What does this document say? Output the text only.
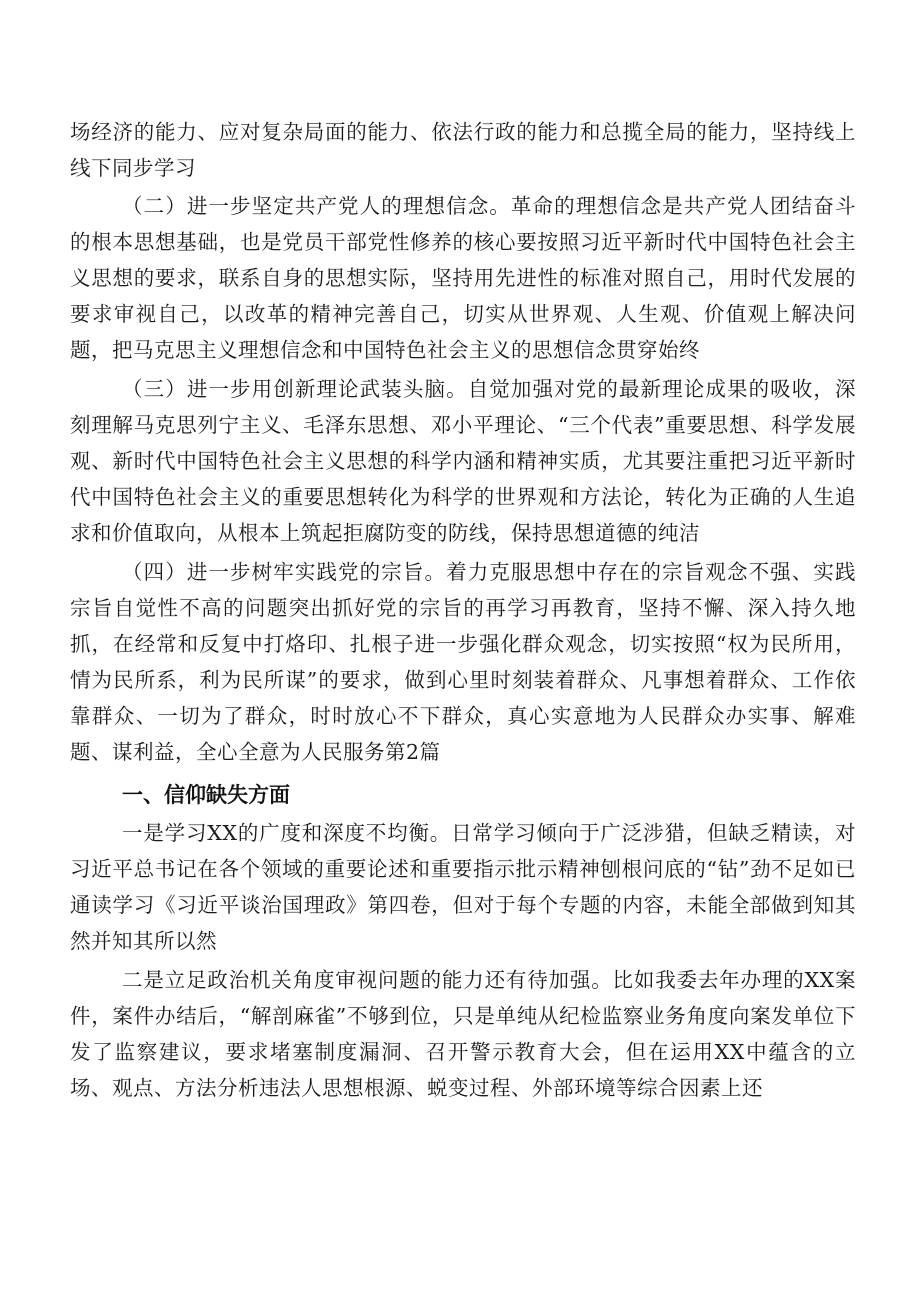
场经济的能力、应对复杂局面的能力、依法行政的能力和总揽全局的能力，坚持线上线下同步学习

（二）进一步坚定共产党人的理想信念。革命的理想信念是共产党人团结奋斗的根本思想基础，也是党员干部党性修养的核心要按照习近平新时代中国特色社会主义思想的要求，联系自身的思想实际，坚持用先进性的标准对照自己，用时代发展的要求审视自己，以改革的精神完善自己，切实从世界观、人生观、价值观上解决问题，把马克思主义理想信念和中国特色社会主义的思想信念贯穿始终

（三）进一步用创新理论武装头脑。自觉加强对党的最新理论成果的吸收，深刻理解马克思列宁主义、毛泽东思想、邓小平理论、“三个代表”重要思想、科学发展观、新时代中国特色社会主义思想的科学内涵和精神实质，尤其要注重把习近平新时代中国特色社会主义的重要思想转化为科学的世界观和方法论，转化为正确的人生追求和价值取向，从根本上筑起拒腐防变的防线，保持思想道德的纯洁

（四）进一步树牢实践党的宗旨。着力克服思想中存在的宗旨观念不强、实践宗旨自觉性不高的问题突出抓好党的宗旨的再学习再教育，坚持不懈、深入持久地抓，在经常和反复中打烙印、扎根子进一步强化群众观念，切实按照“权为民所用，情为民所系，利为民所谋”的要求，做到心里时刻装着群众、凡事想着群众、工作依靠群众、一切为了群众，时时放心不下群众，真心实意地为人民群众办实事、解难题、谋利益，全心全意为人民服务第2篇

一、信仰缺失方面

一是学习XX的广度和深度不均衡。日常学习倾向于广泛涉猎，但缺乏精读，对习近平总书记在各个领域的重要论述和重要指示批示精神刨根问底的“钻”劲不足如已通读学习《习近平谈治国理政》第四卷，但对于每个专题的内容，未能全部做到知其然并知其所以然

二是立足政治机关角度审视问题的能力还有待加强。比如我委去年办理的XX案件，案件办结后，“解剖麻雀”不够到位，只是单纯从纪检监察业务角度向案发单位下发了监察建议，要求堵塞制度漏洞、召开警示教育大会，但在运用XX中蕴含的立场、观点、方法分析违法人思想根源、蜕变过程、外部环境等综合因素上还
